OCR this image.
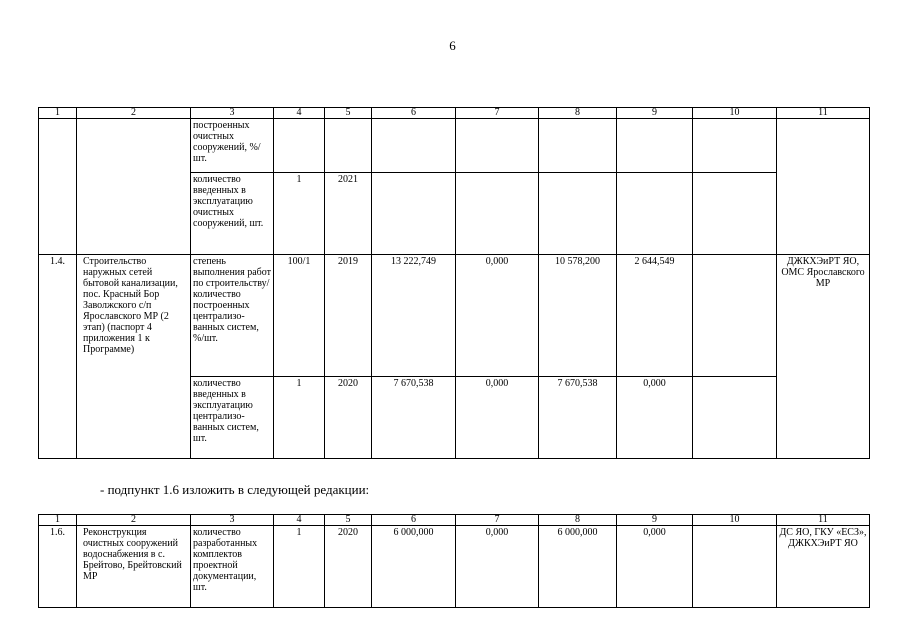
6
1	2	3	4	5	6	7	8	9	10	11
		построенных очистных сооружений, %/шт.								
		количество введенных в эксплуатацию очистных сооружений, шт.	1	2021						
1.4.	Строительство наружных сетей бытовой канализации, пос. Красный Бор Заволжского с/п Ярославского МР (2 этап) (паспорт 4 приложения 1 к Программе)	степень выполнения работ по строительству/ количество построенных централизо-ванных систем, %/шт.	100/1	2019	13 222,749	0,000	10 578,200	2 644,549		ДЖКХЭиРТ ЯО, ОМС Ярославского МР
		количество введенных в эксплуатацию централизо-ванных систем, шт.	1	2020	7 670,538	0,000	7 670,538	0,000		
- подпункт 1.6 изложить в следующей редакции:
1	2	3	4	5	6	7	8	9	10	11
1.6.	Реконструкция очистных сооружений водоснабжения в с. Брейтово, Брейтовский МР	количество разработанных комплектов проектной документации, шт.	1	2020	6 000,000	0,000	6 000,000	0,000		ДС ЯО, ГКУ «ЕСЗ», ДЖКХЭиРТ ЯО
